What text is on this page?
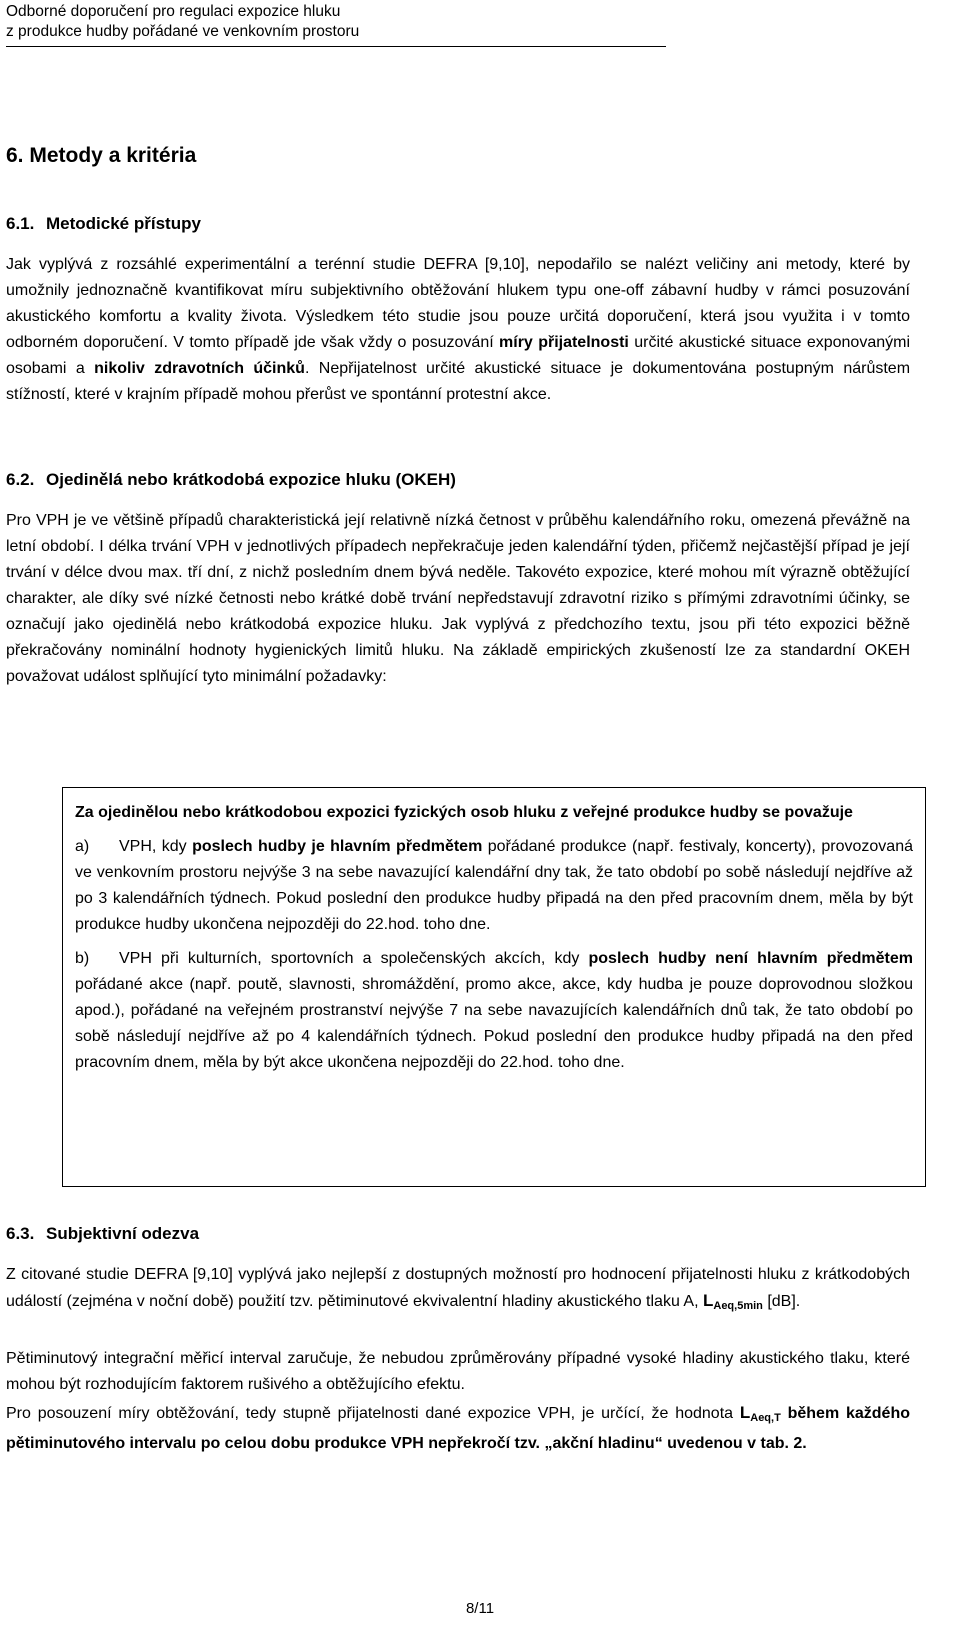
Odborné doporučení pro regulaci expozice hluku
z produkce hudby pořádané ve venkovním prostoru
6. Metody a kritéria
6.1. Metodické přístupy

Jak vyplývá z rozsáhlé experimentální a terénní studie DEFRA [9,10], nepodařilo se nalézt veličiny ani metody, které by umožnily jednoznačně kvantifikovat míru subjektivního obtěžování hlukem typu one-off zábavní hudby v rámci posuzování akustického komfortu a kvality života. Výsledkem této studie jsou pouze určitá doporučení, která jsou využita i v tomto odborném doporučení. V tomto případě jde však vždy o posuzování míry přijatelnosti určité akustické situace exponovanými osobami a nikoliv zdravotních účinků. Nepřijatelnost určité akustické situace je dokumentována postupným nárůstem stížností, které v krajním případě mohou přerůst ve spontánní protestní akce.

6.2. Ojedinělá nebo krátkodobá expozice hluku (OKEH)

Pro VPH je ve většině případů charakteristická její relativně nízká četnost v průběhu kalendářního roku, omezená převážně na letní období. I délka trvání VPH v jednotlivých případech nepřekračuje jeden kalendářní týden, přičemž nejčastější případ je její trvání v délce dvou max. tří dní, z nichž posledním dnem bývá neděle. Takovéto expozice, které mohou mít výrazně obtěžující charakter, ale díky své nízké četnosti nebo krátké době trvání nepředstavují zdravotní riziko s přímými zdravotními účinky, se označují jako ojedinělá nebo krátkodobá expozice hluku. Jak vyplývá z předchozího textu, jsou při této expozici běžně překračovány nominální hodnoty hygienických limitů hluku. Na základě empirických zkušeností lze za standardní OKEH považovat událost splňující tyto minimální požadavky:

Za ojedinělou nebo krátkodobou expozici fyzických osob hluku z veřejné produkce hudby se považuje

a) VPH, kdy poslech hudby je hlavním předmětem pořádané produkce (např. festivaly, koncerty), provozovaná ve venkovním prostoru nejvýše 3 na sebe navazující kalendářní dny tak, že tato období po sobě následují nejdříve až po 3 kalendářních týdnech. Pokud poslední den produkce hudby připadá na den před pracovním dnem, měla by být produkce hudby ukončena nejpozději do 22.hod. toho dne.

b) VPH při kulturních, sportovních a společenských akcích, kdy poslech hudby není hlavním předmětem pořádané akce (např. poutě, slavnosti, shromáždění, promo akce, akce, kdy hudba je pouze doprovodnou složkou apod.), pořádané na veřejném prostranství nejvýše 7 na sebe navazujících kalendářních dnů tak, že tato období po sobě následují nejdříve až po 4 kalendářních týdnech. Pokud poslední den produkce hudby připadá na den před pracovním dnem, měla by být akce ukončena nejpozději do 22.hod. toho dne.

6.3. Subjektivní odezva

Z citované studie DEFRA [9,10] vyplývá jako nejlepší z dostupných možností pro hodnocení přijatelnosti hluku z krátkodobých událostí (zejména v noční době) použití tzv. pětiminutové ekvivalentní hladiny akustického tlaku A, $L_{Aeq,5min}$ [dB].

Pětiminutový integrační měřicí interval zaručuje, že nebudou zprůměrovány případné vysoké hladiny akustického tlaku, které mohou být rozhodujícím faktorem rušivého a obtěžujícího efektu.

Pro posouzení míry obtěžování, tedy stupně přijatelnosti dané expozice VPH, je určící, že hodnota $L_{Aeq,T}$ během každého pětiminutového intervalu po celou dobu produkce VPH nepřekročí tzv. „akční hladinu“ uvedenou v tab. 2.

8/11
